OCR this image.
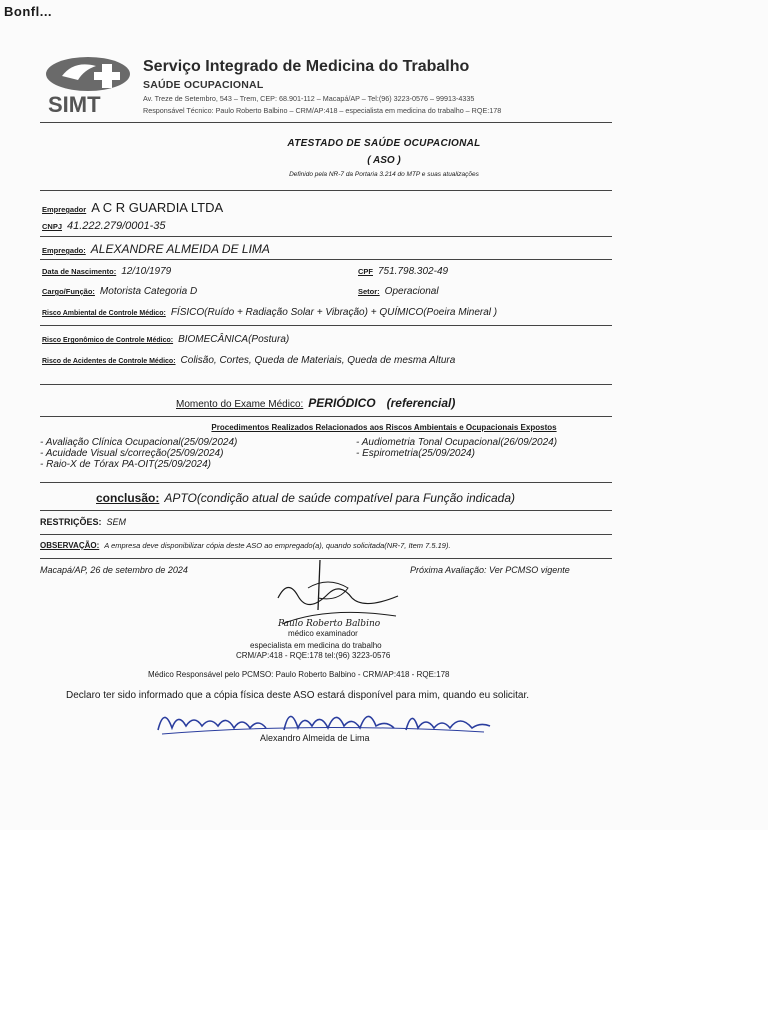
Bonfl...
SIMT
Serviço Integrado de Medicina do Trabalho
SAÚDE OCUPACIONAL
Av. Treze de Setembro, 543 – Trem, CEP: 68.901-112 – Macapá/AP – Tel:(96) 3223-0576 – 99913-4335
Responsável Técnico: Paulo Roberto Balbino – CRM/AP:418 – especialista em medicina do trabalho – RQE:178
ATESTADO DE SAÚDE OCUPACIONAL
( ASO )
Definido pela NR-7 da Portaria 3.214 do MTP e suas atualizações
Empregador A C R GUARDIA LTDA
CNPJ 41.222.279/0001-35
Empregado: ALEXANDRE ALMEIDA DE LIMA
Data de Nascimento: 12/10/1979	CPF 751.798.302-49
Cargo/Função: Motorista Categoria D	Setor: Operacional
Risco Ambiental de Controle Médico: FÍSICO(Ruído + Radiação Solar + Vibração) + QUÍMICO(Poeira Mineral )
Risco Ergonômico de Controle Médico: BIOMECÂNICA(Postura)
Risco de Acidentes de Controle Médico: Colisão, Cortes, Queda de Materiais, Queda de mesma Altura
Momento do Exame Médico: PERIÓDICO (referencial)
Procedimentos Realizados Relacionados aos Riscos Ambientais e Ocupacionais Expostos
- Avaliação Clínica Ocupacional(25/09/2024)
- Acuidade Visual s/correção(25/09/2024)
- Raio-X de Tórax PA-OIT(25/09/2024)
- Audiometria Tonal Ocupacional(26/09/2024)
- Espirometria(25/09/2024)
conclusão: APTO(condição atual de saúde compatível para Função indicada)
RESTRIÇÕES: SEM
OBSERVAÇÃO: A empresa deve disponibilizar cópia deste ASO ao empregado(a), quando solicitada(NR-7, Item 7.5.19).
Macapá/AP, 26 de setembro de 2024	Próxima Avaliação: Ver PCMSO vigente
Paulo Roberto Balbino
médico examinador
especialista em medicina do trabalho
CRM/AP:418 - RQE:178 tel:(96) 3223-0576
Médico Responsável pelo PCMSO: Paulo Roberto Balbino - CRM/AP:418 - RQE:178
Declaro ter sido informado que a cópia física deste ASO estará disponível para mim, quando eu solicitar.
Alexandro Almeida de Lima
